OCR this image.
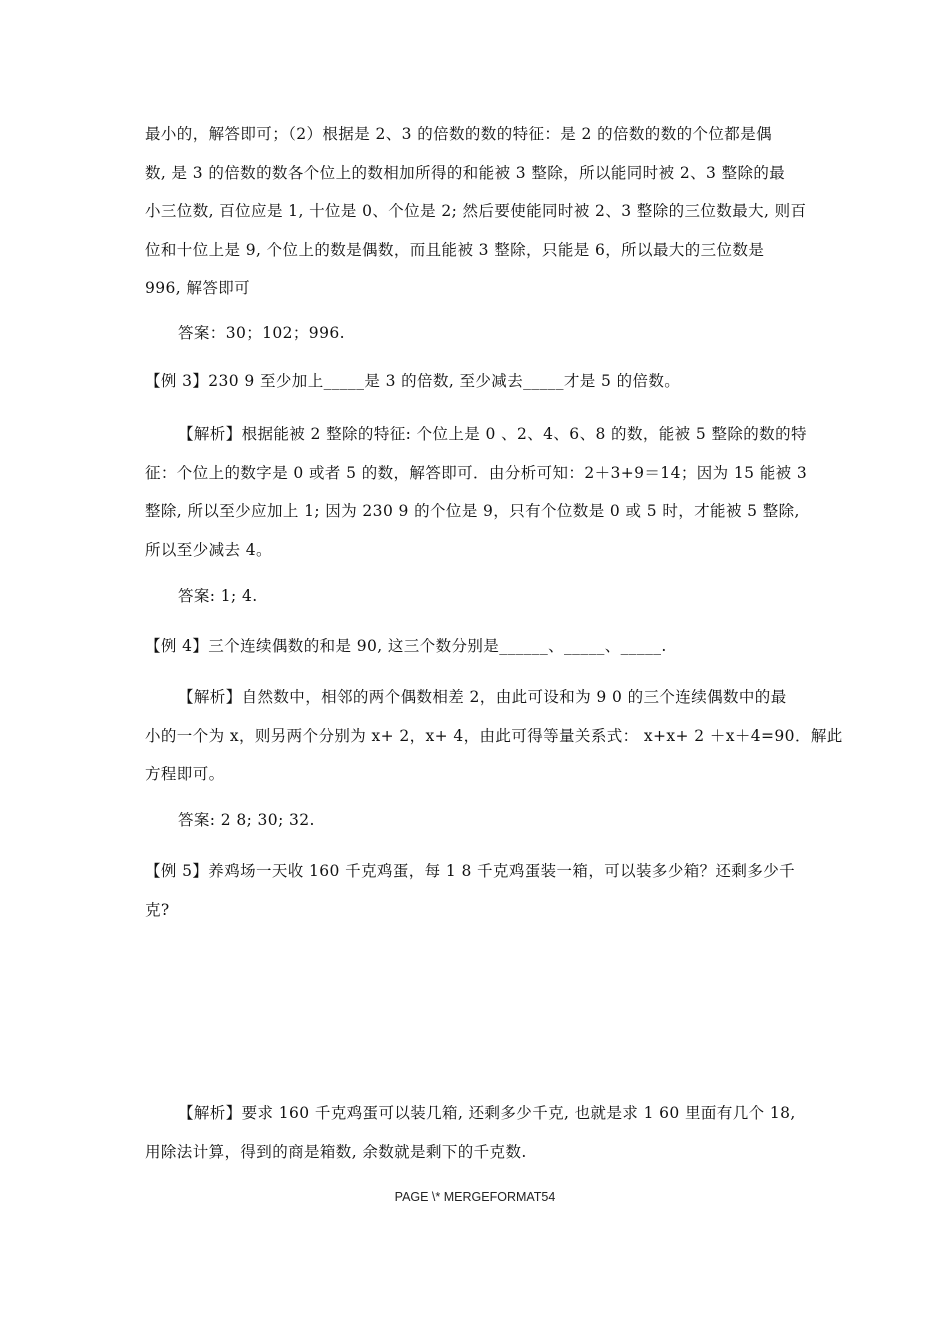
最小的，解答即可；（2）根据是 2、3 的倍数的数的特征：是 2 的倍数的数的个位都是偶
数, 是 3 的倍数的数各个位上的数相加所得的和能被 3 整除，所以能同时被 2、3 整除的最
小三位数, 百位应是 1, 十位是 0、个位是 2; 然后要使能同时被 2、3 整除的三位数最大, 则百
位和十位上是 9, 个位上的数是偶数，而且能被 3 整除，只能是 6，所以最大的三位数是
996, 解答即可
答案：30；102；996.
【例 3】230 9 至少加上_____是 3 的倍数, 至少减去_____才是 5 的倍数。
【解析】根据能被 2 整除的特征: 个位上是 0 、2、4、6、8 的数，能被 5 整除的数的特
征：个位上的数字是 0 或者 5 的数，解答即可．由分析可知：2＋3+9＝14；因为 15 能被 3
整除, 所以至少应加上 1; 因为 230 9 的个位是 9，只有个位数是 0 或 5 时，才能被 5 整除,
所以至少减去 4。
答案: 1; 4.
【例 4】三个连续偶数的和是 90, 这三个数分别是______、_____、_____.
【解析】自然数中，相邻的两个偶数相差 2，由此可设和为 9 0 的三个连续偶数中的最
小的一个为 x，则另两个分别为 x+ 2，x+ 4，由此可得等量关系式： x+x+ 2 ＋x＋4=90．解此
方程即可。
答案: 2 8; 30; 32.
【例 5】养鸡场一天收 160 千克鸡蛋，每 1 8 千克鸡蛋装一箱，可以装多少箱？还剩多少千
克?
【解析】要求 160 千克鸡蛋可以装几箱, 还剩多少千克, 也就是求 1 60 里面有几个 18,
用除法计算，得到的商是箱数, 余数就是剩下的千克数.
PAGE \* MERGEFORMAT54
